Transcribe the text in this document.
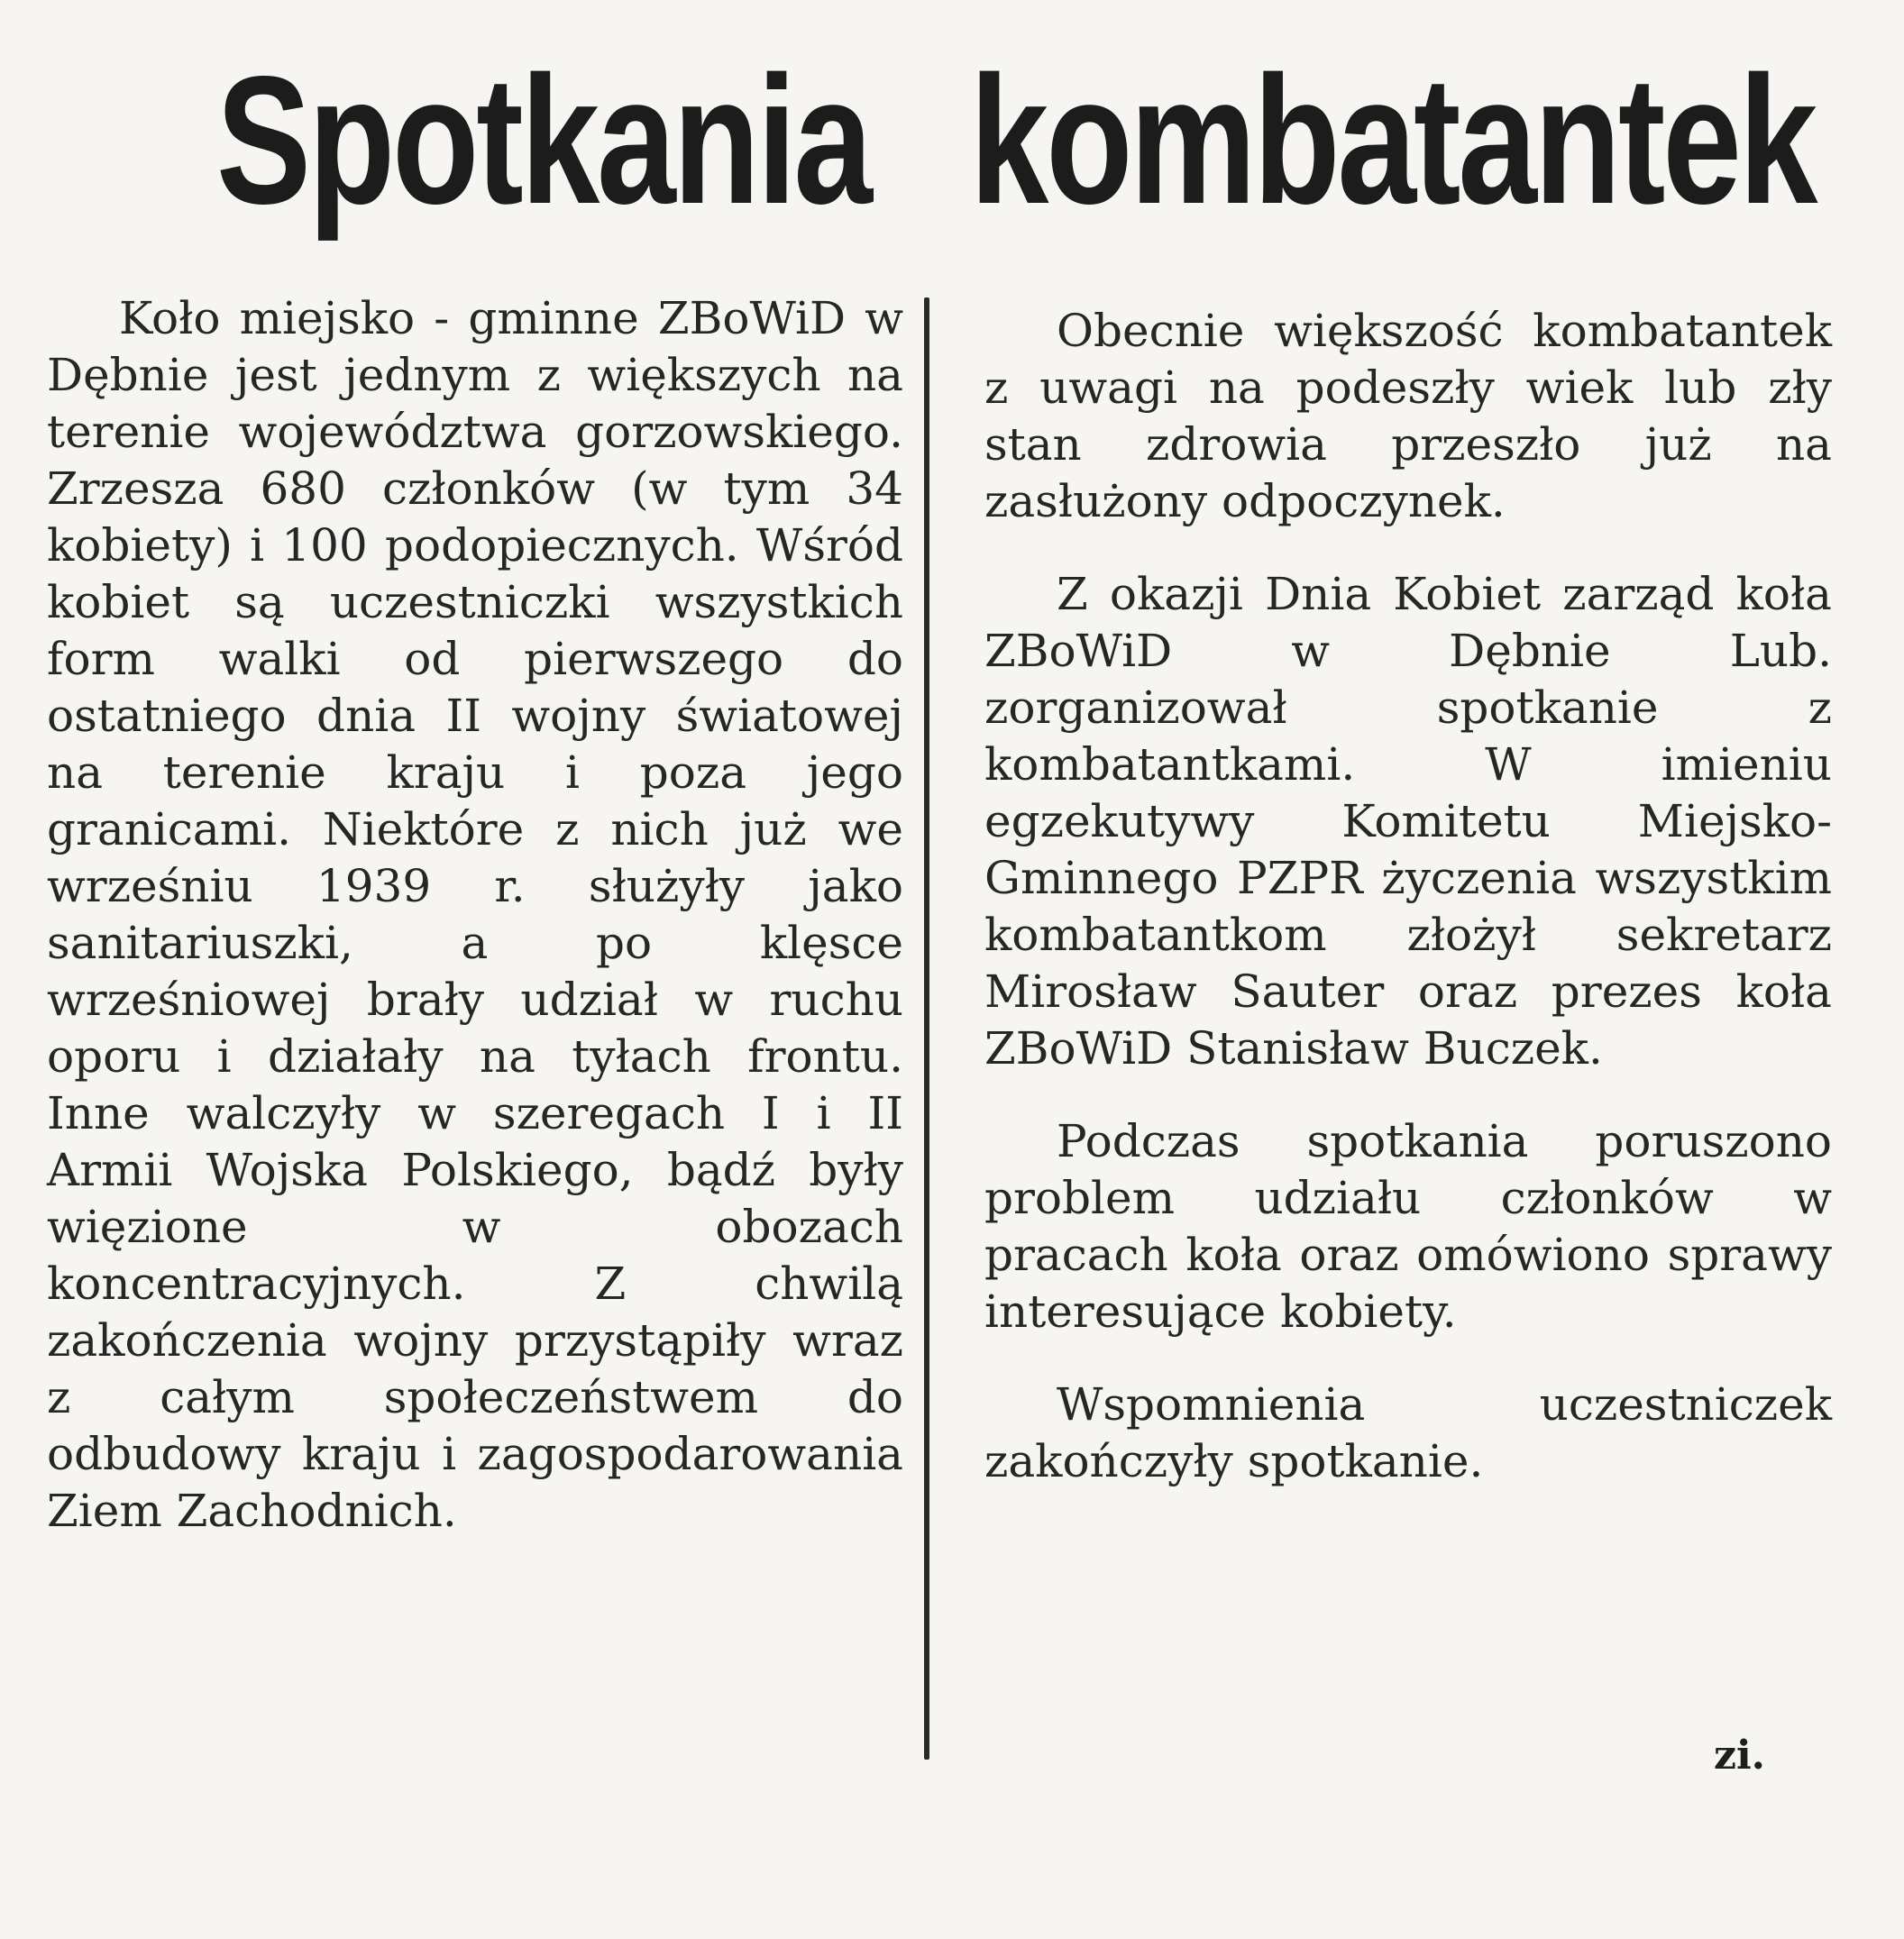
Spotkania kombatantek

Koło miejsko - gminne ZBoWiD w Dębnie jest jednym z większych na terenie województwa gorzowskiego. Zrzesza 680 członków (w tym 34 kobiety) i 100 podopiecznych. Wśród kobiet są uczestniczki wszystkich form walki od pierwszego do ostatniego dnia II wojny światowej na terenie kraju i poza jego granicami. Niektóre z nich już we wrześniu 1939 r. służyły jako sanitariuszki, a po klęsce wrześniowej brały udział w ruchu oporu i działały na tyłach frontu. Inne walczyły w szeregach I i II Armii Wojska Polskiego, bądź były więzione w obozach koncentracyjnych. Z chwilą zakończenia wojny przystąpiły wraz z całym społeczeństwem do odbudowy kraju i zagospodarowania Ziem Zachodnich.

Obecnie większość kombatantek z uwagi na podeszły wiek lub zły stan zdrowia przeszło już na zasłużony odpoczynek.

Z okazji Dnia Kobiet zarząd koła ZBoWiD w Dębnie Lub. zorganizował spotkanie z kombatantkami. W imieniu egzekutywy Komitetu Miejsko-Gminnego PZPR życzenia wszystkim kombatantkom złożył sekretarz Mirosław Sauter oraz prezes koła ZBoWiD Stanisław Buczek.

Podczas spotkania poruszono problem udziału członków w pracach koła oraz omówiono sprawy interesujące kobiety.

Wspomnienia uczestniczek zakończyły spotkanie.

zi.
